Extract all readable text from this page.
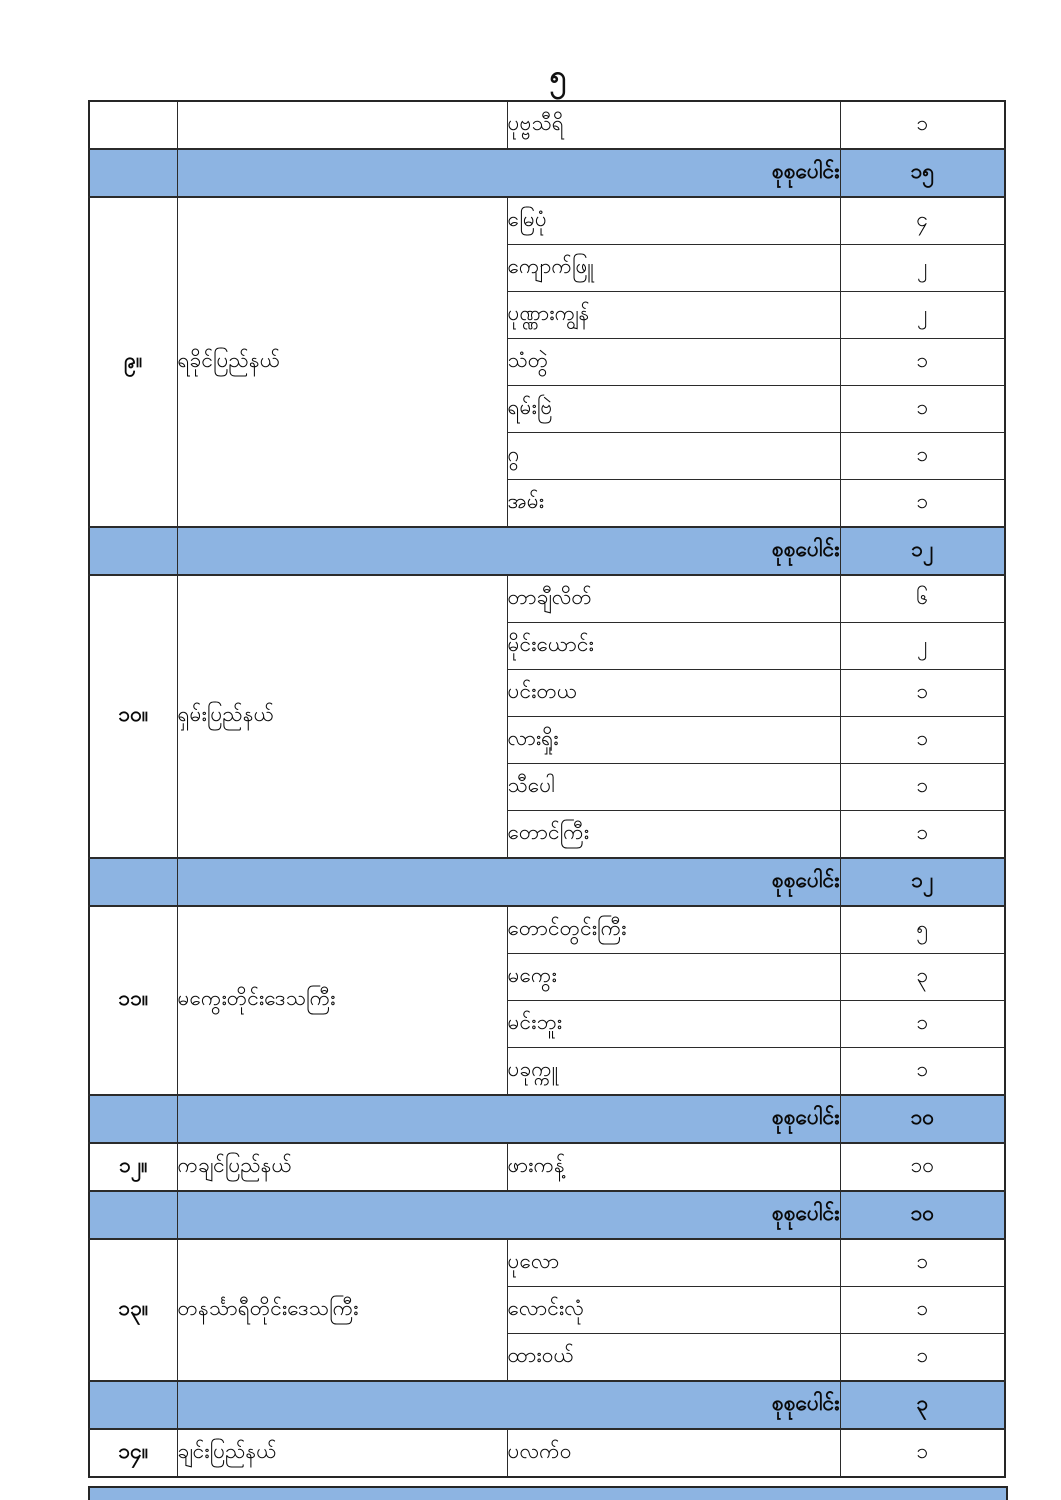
၅
		ပုဗ္ဗသီရိ	၁
	စုစုပေါင်း		၁၅
၉။	ရခိုင်ပြည်နယ်	မြေပုံ	၄
		ကျောက်ဖြူ	၂
		ပုဏ္ဏားကျွန်	၂
		သံတွဲ	၁
		ရမ်းဗြဲ	၁
		ဂွ	၁
		အမ်း	၁
	စုစုပေါင်း		၁၂
၁၀။	ရှမ်းပြည်နယ်	တာချီလိတ်	၆
		မိုင်းယောင်း	၂
		ပင်းတယ	၁
		လားရှိုး	၁
		သီပေါ	၁
		တောင်ကြီး	၁
	စုစုပေါင်း		၁၂
၁၁။	မကွေးတိုင်းဒေသကြီး	တောင်တွင်းကြီး	၅
		မကွေး	၃
		မင်းဘူး	၁
		ပခုက္ကူ	၁
	စုစုပေါင်း		၁၀
၁၂။	ကချင်ပြည်နယ်	ဖားကန့်	၁၀
	စုစုပေါင်း		၁၀
၁၃။	တနင်္သာရီတိုင်းဒေသကြီး	ပုလော	၁
		လောင်းလုံ	၁
		ထားဝယ်	၁
	စုစုပေါင်း		၃
၁၄။	ချင်းပြည်နယ်	ပလက်ဝ	၁
